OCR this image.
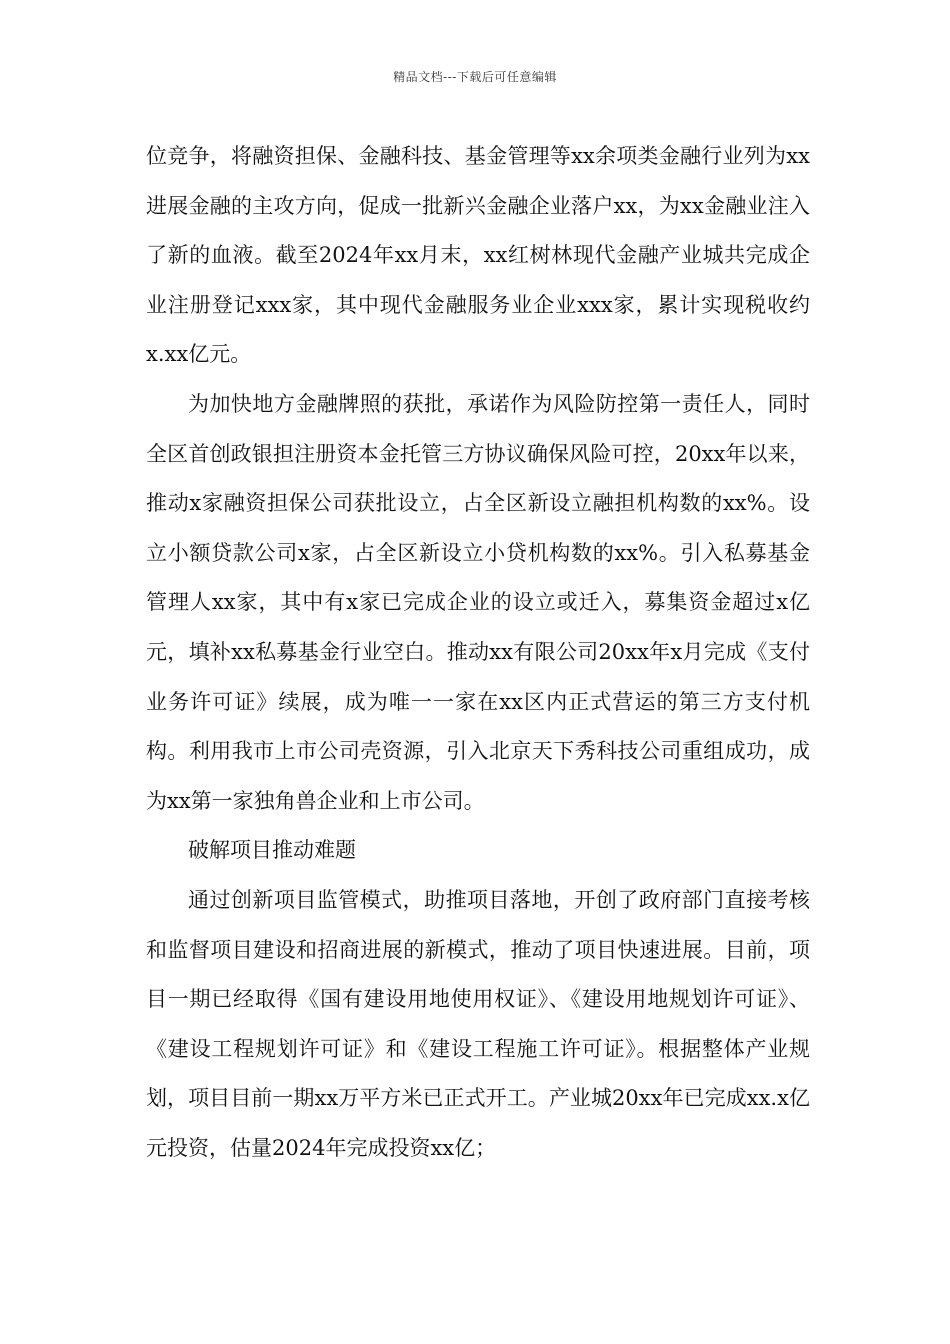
精品文档---下载后可任意编辑

位竞争，将融资担保、金融科技、基金管理等xx余项类金融行业列为xx进展金融的主攻方向，促成一批新兴金融企业落户xx，为xx金融业注入了新的血液。截至2024年xx月末，xx红树林现代金融产业城共完成企业注册登记xxx家，其中现代金融服务业企业xxx家，累计实现税收约x.xx亿元。

为加快地方金融牌照的获批，承诺作为风险防控第一责任人，同时全区首创政银担注册资本金托管三方协议确保风险可控，20xx年以来，推动x家融资担保公司获批设立，占全区新设立融担机构数的xx%。设立小额贷款公司x家，占全区新设立小贷机构数的xx%。引入私募基金管理人xx家，其中有x家已完成企业的设立或迁入，募集资金超过x亿元，填补xx私募基金行业空白。推动xx有限公司20xx年x月完成《支付业务许可证》续展，成为唯一一家在xx区内正式营运的第三方支付机构。利用我市上市公司壳资源，引入北京天下秀科技公司重组成功，成为xx第一家独角兽企业和上市公司。

破解项目推动难题

通过创新项目监管模式，助推项目落地，开创了政府部门直接考核和监督项目建设和招商进展的新模式，推动了项目快速进展。目前，项目一期已经取得《国有建设用地使用权证》、《建设用地规划许可证》、《建设工程规划许可证》和《建设工程施工许可证》。根据整体产业规划，项目目前一期xx万平方米已正式开工。产业城20xx年已完成xx.x亿元投资，估量2024年完成投资xx亿；
